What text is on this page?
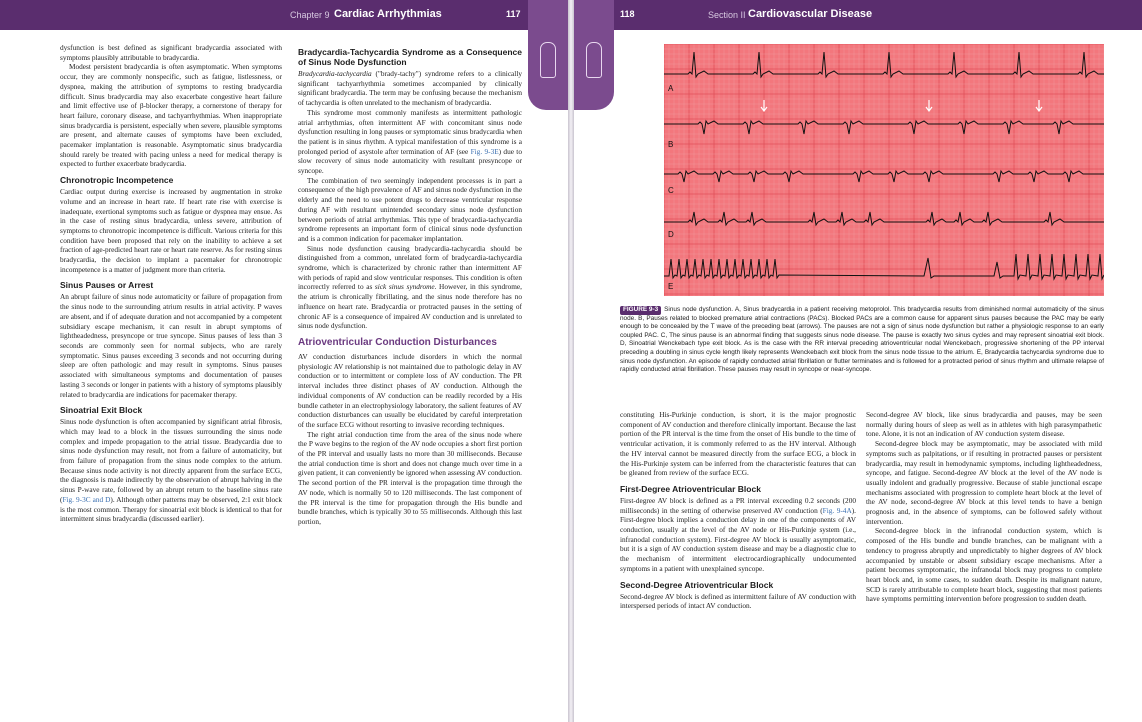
Chapter 9 Cardiac Arrhythmias	117

dysfunction is best defined as significant bradycardia associated with symptoms plausibly attributable to bradycardia.

Modest persistent bradycardia is often asymptomatic. When symptoms occur, they are commonly nonspecific, such as fatigue, listlessness, or dyspnea, making the attribution of symptoms to resting bradycardia difficult. Sinus bradycardia may also exacerbate congestive heart failure and limit effective use of β-blocker therapy, a cornerstone of therapy for heart failure, coronary disease, and tachyarrhythmias. When inappropriate sinus bradycardia is persistent, especially when severe, plausible symptoms are present, and alternate causes of symptoms have been excluded, pacemaker implantation is reasonable. Asymptomatic sinus bradycardia should rarely be treated with pacing unless a need for medical therapy is expected to further exacerbate bradycardia.

Chronotropic Incompetence

Cardiac output during exercise is increased by augmentation in stroke volume and an increase in heart rate. If heart rate rise with exercise is inadequate, exertional symptoms such as fatigue or dyspnea may ensue. As in the case of resting sinus bradycardia, unless severe, attribution of symptoms to chronotropic incompetence is difficult. Various criteria for this condition have been proposed that rely on the inability to achieve a set fraction of age-predicted heart rate or heart rate reserve. As for resting sinus bradycardia, the decision to implant a pacemaker for chronotropic incompetence is a matter of judgment more than criteria.

Sinus Pauses or Arrest

An abrupt failure of sinus node automaticity or failure of propagation from the sinus node to the surrounding atrium results in atrial activity. P waves are absent, and if of adequate duration and not accompanied by a competent subsidiary escape mechanism, it can result in abrupt symptoms of lightheadedness, presyncope or true syncope. Sinus pauses of less than 3 seconds are commonly seen for normal subjects, who are rarely symptomatic. Sinus pauses exceeding 3 seconds and not occurring during sleep are often pathologic and may result in symptoms. Sinus pauses associated with simultaneous symptoms and documentation of pauses lasting 3 seconds or longer in patients with a history of symptoms plausibly related to bradycardia are indications for pacemaker therapy.

Sinoatrial Exit Block

Sinus node dysfunction is often accompanied by significant atrial fibrosis, which may lead to a block in the tissues surrounding the sinus node complex and impede propagation to the atrial tissue. Bradycardia due to sinus node dysfunction may result, not from a failure of automaticity, but from failure of propagation from the sinus node complex to the atrium. Because sinus node activity is not directly apparent from the surface ECG, the diagnosis is made indirectly by the observation of abrupt halving in the sinus P-wave rate, followed by an abrupt return to the baseline sinus rate (Fig. 9-3C and D). Although other patterns may be observed, 2:1 exit block is the most common. Therapy for sinoatrial exit block is identical to that for intermittent sinus bradycardia (discussed earlier).

Bradycardia-Tachycardia Syndrome as a Consequence of Sinus Node Dysfunction

Bradycardia-tachycardia ("brady-tachy") syndrome refers to a clinically significant tachyarrhythmia sometimes accompanied by clinically significant bradycardia. The term may be confusing because the mechanism of tachycardia is often unrelated to the mechanism of bradycardia.

This syndrome most commonly manifests as intermittent pathologic atrial arrhythmias, often intermittent AF with concomitant sinus node dysfunction resulting in long pauses or symptomatic sinus bradycardia when the patient is in sinus rhythm. A typical manifestation of this syndrome is a prolonged period of asystole after termination of AF (see Fig. 9-3E) due to slow recovery of sinus node automaticity with resultant presyncope or syncope.

The combination of two seemingly independent processes is in part a consequence of the high prevalence of AF and sinus node dysfunction in the elderly and the need to use potent drugs to decrease ventricular response during AF with resultant unintended secondary sinus node dysfunction between periods of atrial arrhythmias. This type of bradycardia-tachycardia syndrome represents an important form of clinical sinus node dysfunction and is a common indication for pacemaker implantation.

Sinus node dysfunction causing bradycardia-tachycardia should be distinguished from a common, unrelated form of bradycardia-tachycardia syndrome, which is characterized by chronic rather than intermittent AF with periods of rapid and slow ventricular responses. This condition is often incorrectly referred to as sick sinus syndrome. However, in this syndrome, the atrium is chronically fibrillating, and the sinus node therefore has no influence on heart rate. Bradycardia or protracted pauses in the setting of chronic AF is a consequence of impaired AV conduction and is unrelated to sinus node dysfunction.

Atrioventricular Conduction Disturbances

AV conduction disturbances include disorders in which the normal physiologic AV relationship is not maintained due to pathologic delay in AV conduction or to intermittent or complete loss of AV conduction. The PR interval includes three distinct phases of AV conduction. Although the individual components of AV conduction can be readily recorded by a His bundle catheter in an electrophysiology laboratory, the salient features of AV conduction disturbances can usually be elucidated by careful interpretation of the surface ECG without resorting to invasive recording techniques.

The right atrial conduction time from the area of the sinus node where the P wave begins to the region of the AV node occupies a short first portion of the PR interval and usually lasts no more than 30 milliseconds. Because the atrial conduction time is short and does not change much over time in a given patient, it can conveniently be ignored when assessing AV conduction. The second portion of the PR interval is the propagation time through the AV node, which is normally 50 to 120 milliseconds. The last component of the PR interval is the time for propagation through the His bundle and bundle branches, which is typically 30 to 55 milliseconds. Although this last portion,

118	Section II Cardiovascular Disease
A
B
C
D
E
FIGURE 9-3 Sinus node dysfunction. A, Sinus bradycardia in a patient receiving metoprolol. This bradycardia results from diminished normal automaticity of the sinus node. B, Pauses related to blocked premature atrial contractions (PACs). Blocked PACs are a common cause for apparent sinus pauses because the PAC may be early enough to be concealed by the T wave of the preceding beat (arrows). The pauses are not a sign of sinus node dysfunction but rather a physiologic response to an early coupled PAC. C, The sinus pause is an abnormal finding that suggests sinus node disease. The pause is exactly two sinus cycles and may represent sinoatrial exit block. D, Sinoatrial Wenckebach type exit block. As is the case with the RR interval preceding atrioventricular nodal Wenckebach, progressive shortening of the PP interval preceding a doubling in sinus cycle length likely represents Wenckebach exit block from the sinus node tissue to the atrium. E, Bradycardia tachycardia syndrome due to sinus node dysfunction. An episode of rapidly conducted atrial fibrillation or flutter terminates and is followed for a protracted period of sinus rhythm and ultimate relapse of rapidly conducted atrial fibrillation. These pauses may result in syncope or near-syncope.

constituting His-Purkinje conduction, is short, it is the major prognostic component of AV conduction and therefore clinically important. Because the last portion of the PR interval is the time from the onset of His bundle to the time of ventricular activation, it is commonly referred to as the HV interval. Although the HV interval cannot be measured directly from the surface ECG, a block in the His-Purkinje system can be inferred from the characteristic features that can be gleaned from review of the surface ECG.

First-Degree Atrioventricular Block

First-degree AV block is defined as a PR interval exceeding 0.2 seconds (200 milliseconds) in the setting of otherwise preserved AV conduction (Fig. 9-4A). First-degree block implies a conduction delay in one of the components of AV conduction, usually at the level of the AV node or His-Purkinje system (i.e., infranodal conduction system). First-degree AV block is usually asymptomatic, but it is a sign of AV conduction system disease and may be a diagnostic clue to the mechanism of intermittent electrocardiographically undocumented symptoms in a patient with unexplained syncope.

Second-Degree Atrioventricular Block

Second-degree AV block is defined as intermittent failure of AV conduction with interspersed periods of intact AV conduction.

Second-degree AV block, like sinus bradycardia and pauses, may be seen normally during hours of sleep as well as in athletes with high parasympathetic tone. Alone, it is not an indication of AV conduction system disease.

Second-degree block may be asymptomatic, may be associated with mild symptoms such as palpitations, or if resulting in protracted pauses or persistent bradycardia, may result in hemodynamic symptoms, including lightheadedness, syncope, and fatigue. Second-degree AV block at the level of the AV node is usually indolent and gradually progressive. Because of stable junctional escape mechanisms associated with progression to complete heart block at the level of the AV node, second-degree AV block at this level tends to have a benign prognosis and, in the absence of symptoms, can be followed safely without intervention.

Second-degree block in the infranodal conduction system, which is composed of the His bundle and bundle branches, can be malignant with a tendency to progress abruptly and unpredictably to higher degrees of AV block accompanied by unstable or absent subsidiary escape mechanisms. After a patient becomes symptomatic, the infranodal block may progress to complete heart block and, in some cases, to sudden death. Despite its malignant nature, SCD is rarely attributable to complete heart block, suggesting that most patients have symptoms permitting intervention before progression to sudden death.
